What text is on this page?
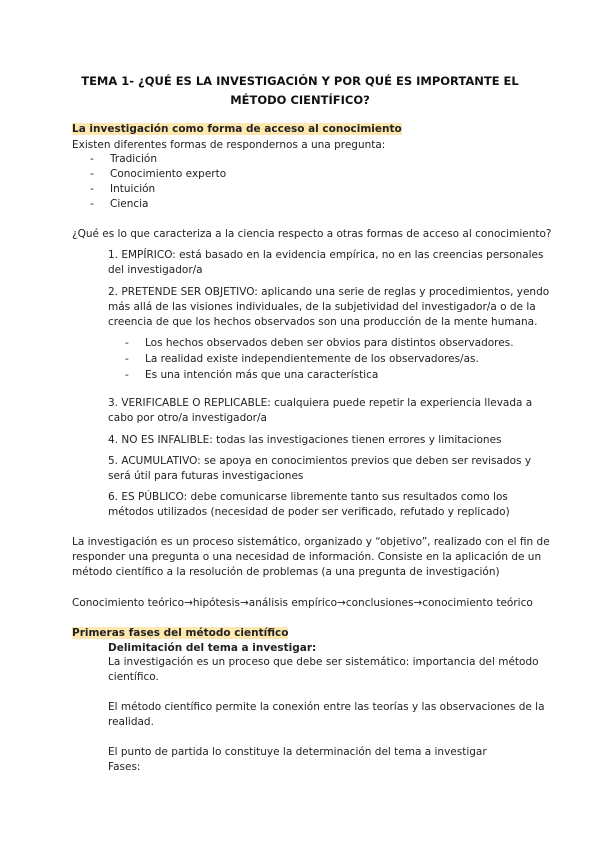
TEMA 1- ¿QUÉ ES LA INVESTIGACIÓN Y POR QUÉ ES IMPORTANTE EL
MÉTODO CIENTÍFICO?
La investigación como forma de acceso al conocimiento
Existen diferentes formas de respondernos a una pregunta:
- Tradición
- Conocimiento experto
- Intuición
- Ciencia
¿Qué es lo que caracteriza a la ciencia respecto a otras formas de acceso al conocimiento?

1. EMPÍRICO: está basado en la evidencia empírica, no en las creencias personales

del investigador/a

2. PRETENDE SER OBJETIVO: aplicando una serie de reglas y procedimientos, yendo

más allá de las visiones individuales, de la subjetividad del investigador/a o de la

creencia de que los hechos observados son una producción de la mente humana.

- Los hechos observados deben ser obvios para distintos observadores.
- La realidad existe independientemente de los observadores/as.
- Es una intención más que una característica

3. VERIFICABLE O REPLICABLE: cualquiera puede repetir la experiencia llevada a

cabo por otro/a investigador/a

4. NO ES INFALIBLE: todas las investigaciones tienen errores y limitaciones

5. ACUMULATIVO: se apoya en conocimientos previos que deben ser revisados y

será útil para futuras investigaciones

6. ES PÚBLICO: debe comunicarse libremente tanto sus resultados como los

métodos utilizados (necesidad de poder ser verificado, refutado y replicado)

La investigación es un proceso sistemático, organizado y “objetivo”, realizado con el fin de

responder una pregunta o una necesidad de información. Consiste en la aplicación de un

método científico a la resolución de problemas (a una pregunta de investigación)

Conocimiento teórico→hipótesis→análisis empírico→conclusiones→conocimiento teórico
Primeras fases del método científico
Delimitación del tema a investigar:

La investigación es un proceso que debe ser sistemático: importancia del método

científico.

El método científico permite la conexión entre las teorías y las observaciones de la

realidad.

El punto de partida lo constituye la determinación del tema a investigar
Fases:
